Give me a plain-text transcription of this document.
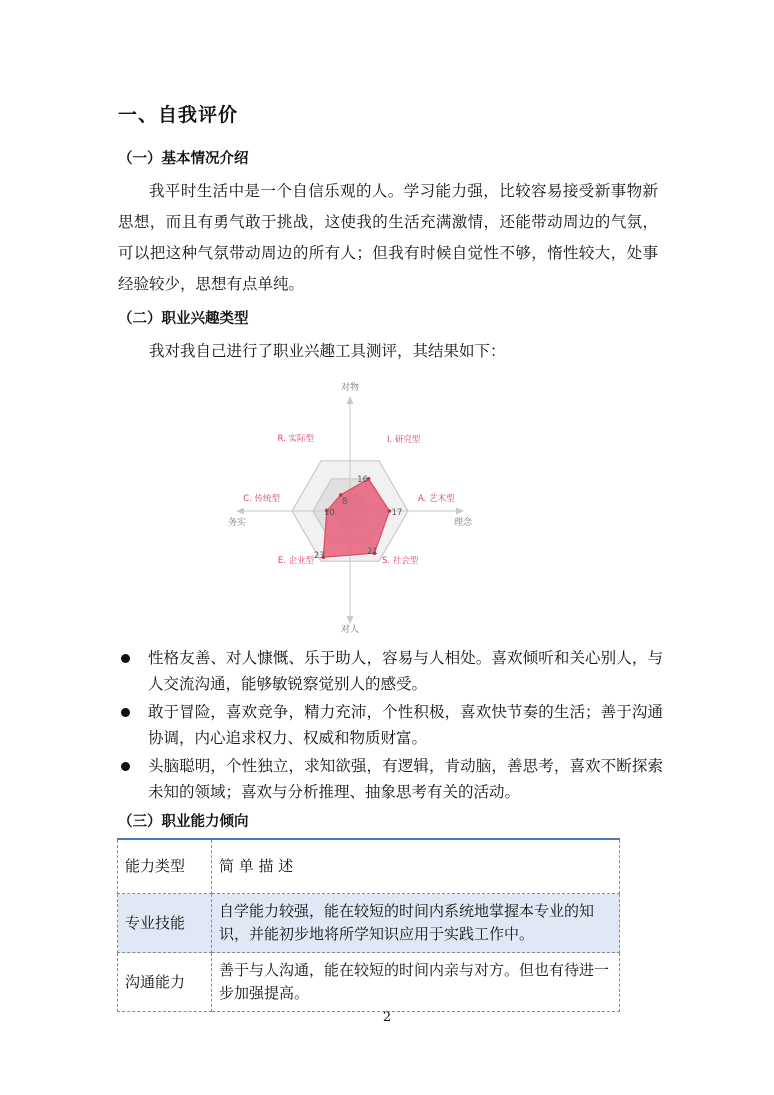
一、自我评价
（一）基本情况介绍

我平时生活中是一个自信乐观的人。学习能力强，比较容易接受新事物新思想，而且有勇气敢于挑战，这使我的生活充满激情，还能带动周边的气氛，可以把这种气氛带动周边的所有人；但我有时候自觉性不够，惰性较大，处事经验较少，思想有点单纯。

（二）职业兴趣类型

我对我自己进行了职业兴趣工具测评，其结果如下：

16
17
21
23
10
8
I. 研究型
A. 艺术型
S. 社会型
E. 企业型
C. 传统型
R. 实际型
对物
对人
务实	理念
性格友善、对人慷慨、乐于助人，容易与人相处。喜欢倾听和关心别人，与人交流沟通，能够敏锐察觉别人的感受。
敢于冒险，喜欢竞争，精力充沛，个性积极，喜欢快节奏的生活；善于沟通协调，内心追求权力、权威和物质财富。
头脑聪明，个性独立，求知欲强，有逻辑，肯动脑，善思考，喜欢不断探索未知的领域；喜欢与分析推理、抽象思考有关的活动。
（三）职业能力倾向
能力类型	简 单 描 述
专业技能	自学能力较强，能在较短的时间内系统地掌握本专业的知识，并能初步地将所学知识应用于实践工作中。
沟通能力	善于与人沟通，能在较短的时间内亲与对方。但也有待进一步加强提高。
2
